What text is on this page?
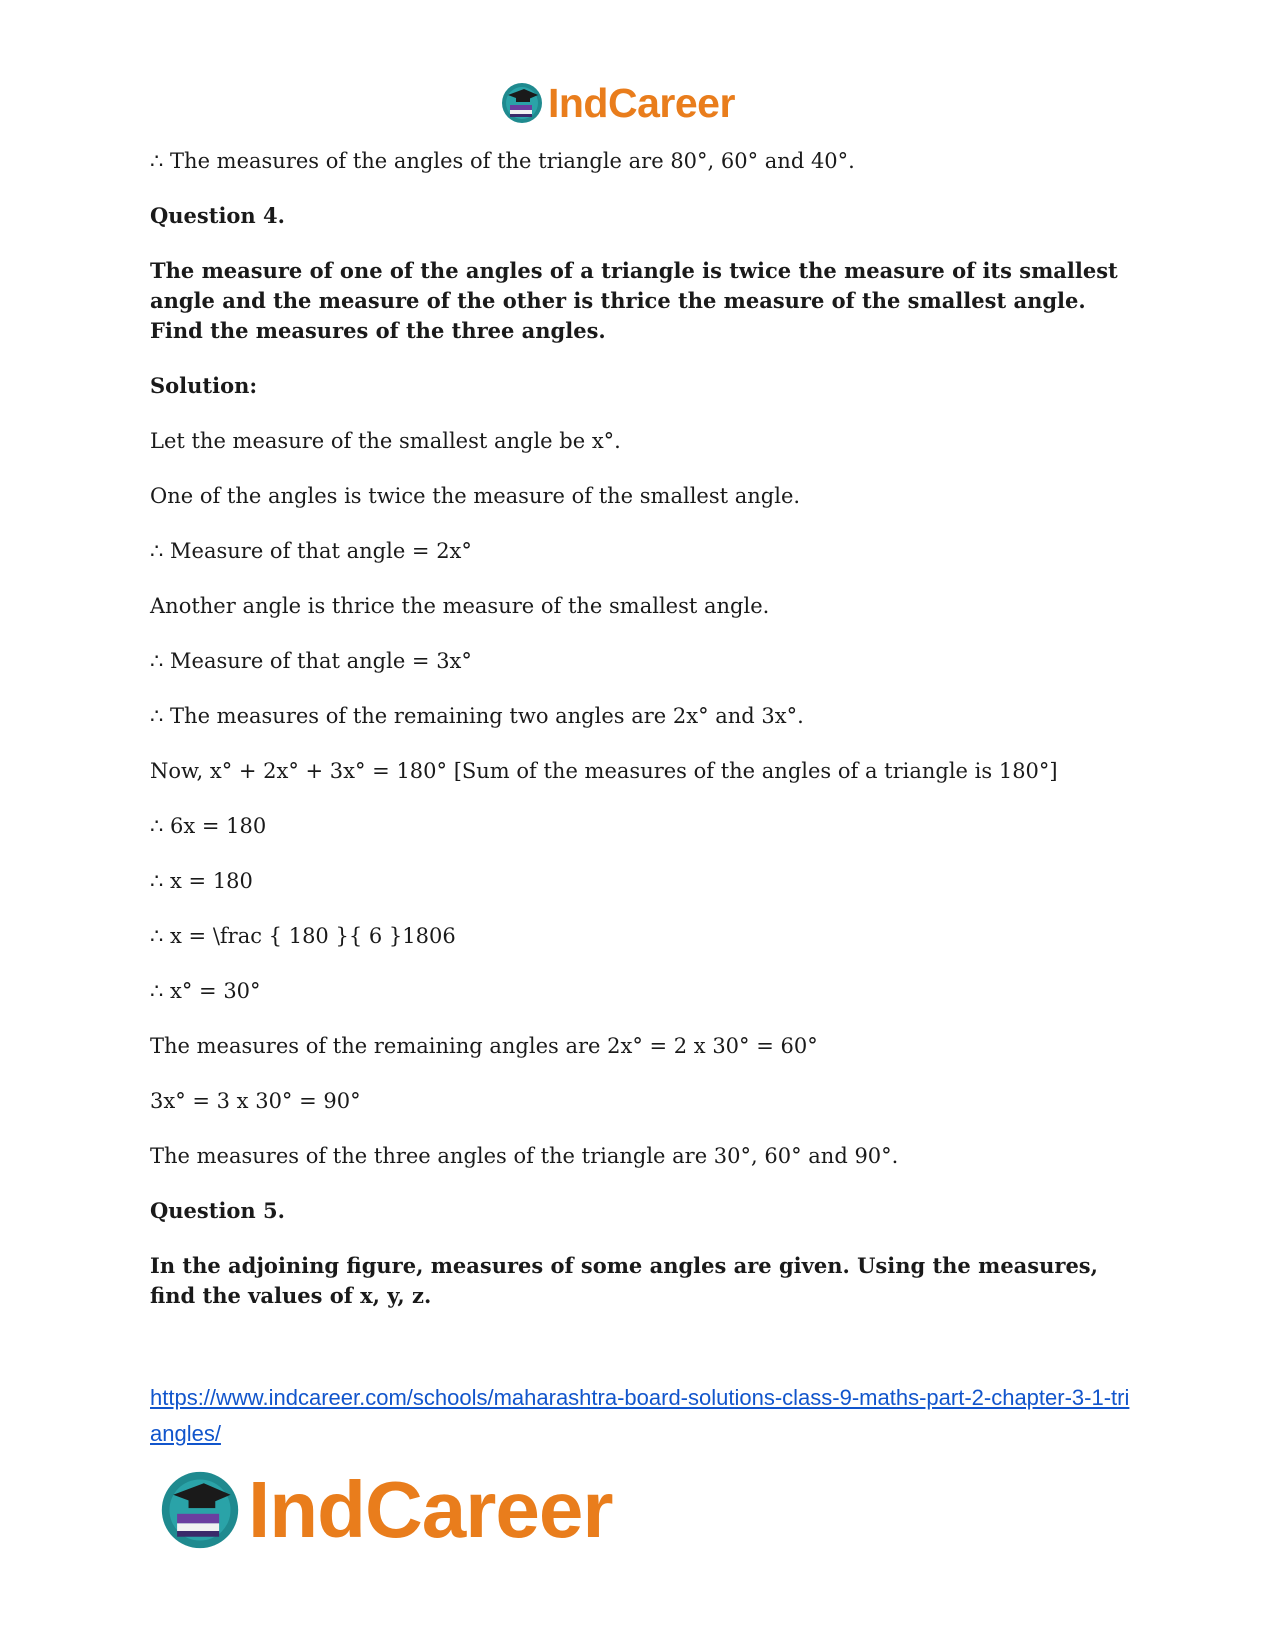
IndCareer

∴ The measures of the angles of the triangle are 80°, 60° and 40°.

Question 4.

The measure of one of the angles of a triangle is twice the measure of its smallest angle and the measure of the other is thrice the measure of the smallest angle. Find the measures of the three angles.

Solution:

Let the measure of the smallest angle be x°.

One of the angles is twice the measure of the smallest angle.

∴ Measure of that angle = 2x°

Another angle is thrice the measure of the smallest angle.

∴ Measure of that angle = 3x°

∴ The measures of the remaining two angles are 2x° and 3x°.

Now, x° + 2x° + 3x° = 180° [Sum of the measures of the angles of a triangle is 180°]

∴ 6x = 180

∴ x = 180

∴ x = \frac { 180 }{ 6 }1806

∴ x° = 30°

The measures of the remaining angles are 2x° = 2 x 30° = 60°

3x° = 3 x 30° = 90°

The measures of the three angles of the triangle are 30°, 60° and 90°.

Question 5.

In the adjoining figure, measures of some angles are given. Using the measures, find the values of x, y, z.

https://www.indcareer.com/schools/maharashtra-board-solutions-class-9-maths-part-2-chapter-3-1-triangles/
IndCareer
